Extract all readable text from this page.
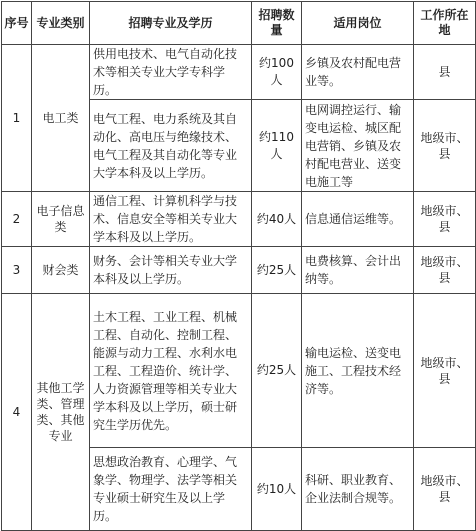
序号	专业类别	招聘专业及学历	招聘数量	适用岗位	工作所在地
1	电工类	供用电技术、电气自动化技术等相关专业大学专科学历。	约100人	乡镇及农村配电营业等。	县
		电气工程、电力系统及其自动化、高电压与绝缘技术、电气工程及其自动化等专业大学本科及以上学历。	约110人	电网调控运行、输变电运检、城区配电营销、乡镇及农村配电营业、送变电施工等	地级市、县
2	电子信息类	通信工程、计算机科学与技术、信息安全等相关专业大学本科及以上学历。	约40人	信息通信运维等。	地级市、县
3	财会类	财务、会计等相关专业大学本科及以上学历。	约25人	电费核算、会计出纳等。	地级市、县
4	其他工学类、管理类、其他专业	土木工程、工业工程、机械工程、自动化、控制工程、能源与动力工程、水利水电工程、工程造价、统计学、人力资源管理等相关专业大学本科及以上学历，硕士研究生学历优先。	约25人	输电运检、送变电施工、工程技术经济等。	地级市、县
		思想政治教育、心理学、气象学、物理学、法学等相关专业硕士研究生及以上学历。	约10人	科研、职业教育、企业法制合规等。	地级市、县
